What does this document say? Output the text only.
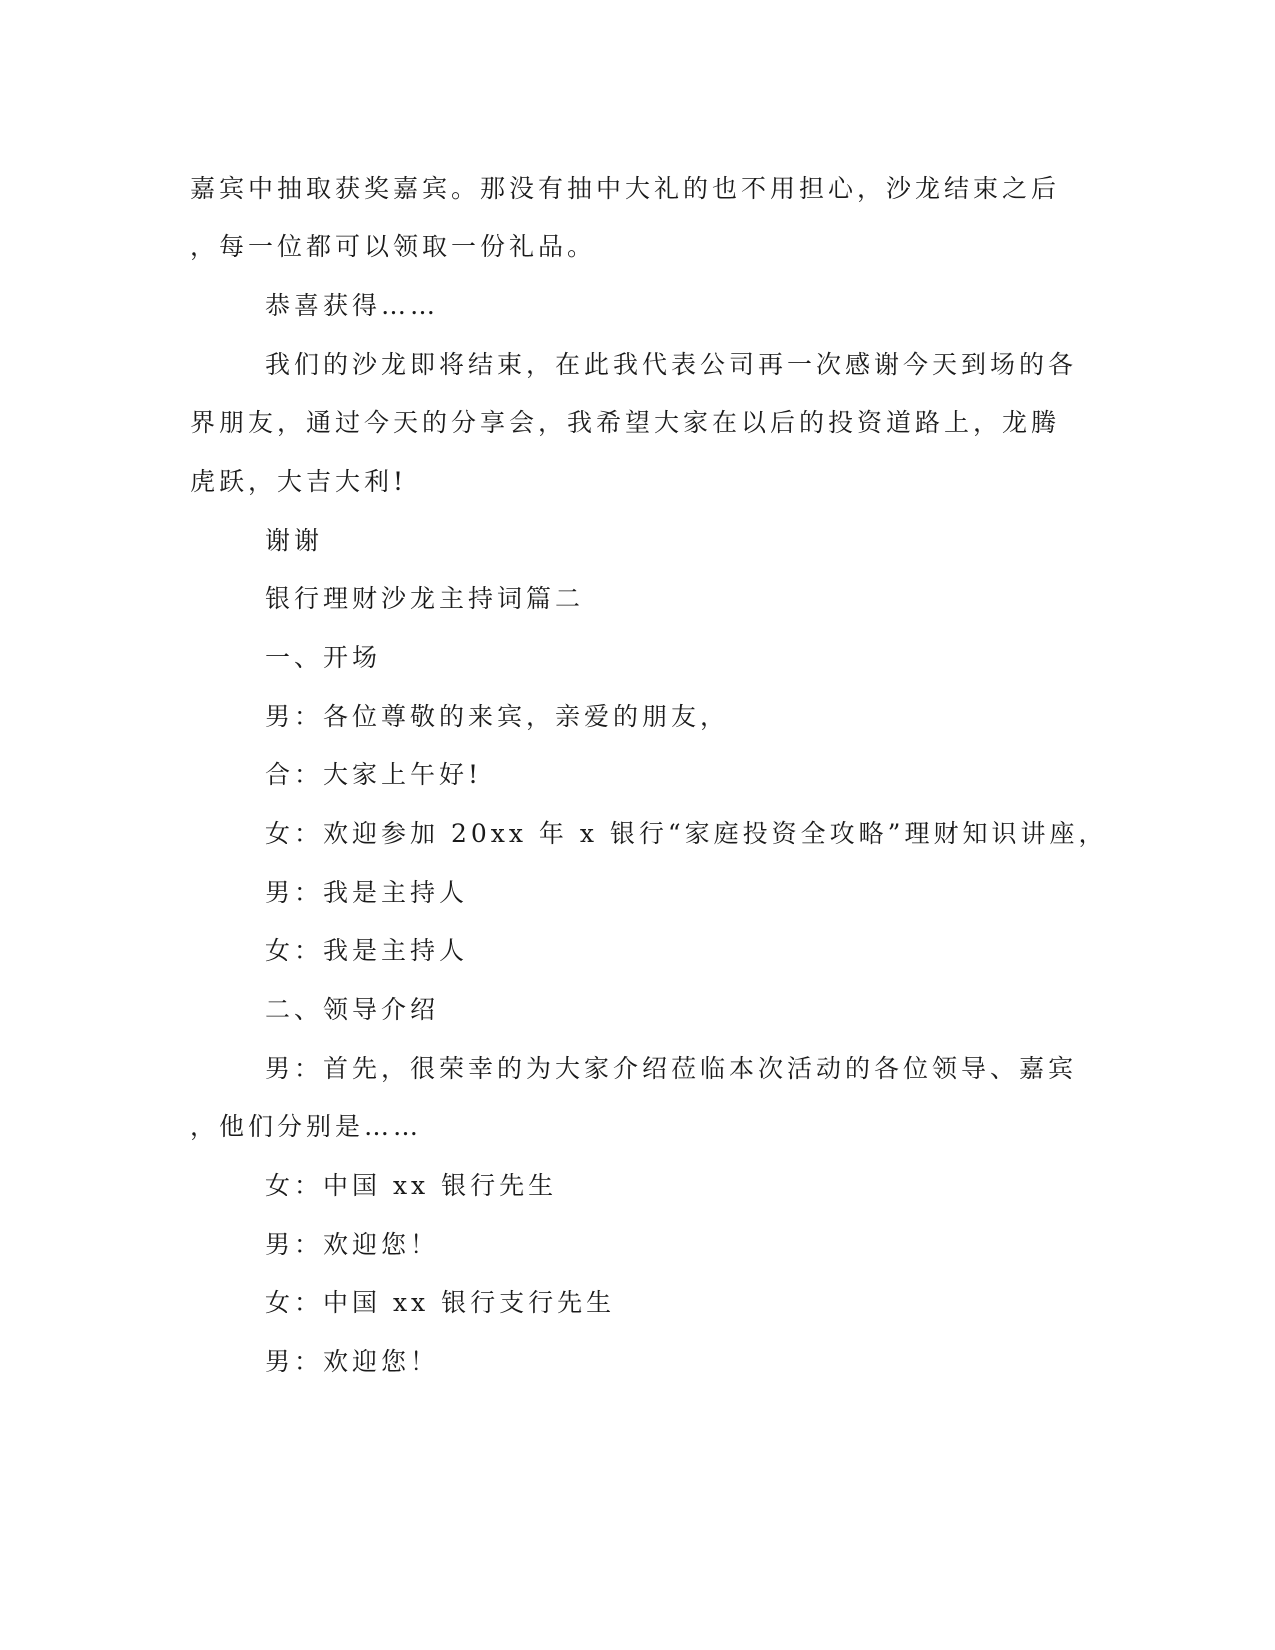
嘉宾中抽取获奖嘉宾。那没有抽中大礼的也不用担心，沙龙结束之后

，每一位都可以领取一份礼品。

恭喜获得……

我们的沙龙即将结束，在此我代表公司再一次感谢今天到场的各

界朋友，通过今天的分享会，我希望大家在以后的投资道路上，龙腾

虎跃，大吉大利!

谢谢

银行理财沙龙主持词篇二

一、开场

男：各位尊敬的来宾，亲爱的朋友，

合：大家上午好!

女：欢迎参加 20xx 年 x 银行“家庭投资全攻略”理财知识讲座，

男：我是主持人

女：我是主持人

二、领导介绍

男：首先，很荣幸的为大家介绍莅临本次活动的各位领导、嘉宾

，他们分别是……

女：中国 xx 银行先生

男：欢迎您！

女：中国 xx 银行支行先生

男：欢迎您！
